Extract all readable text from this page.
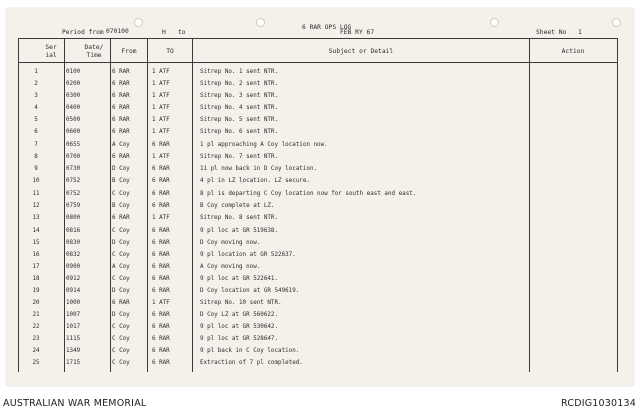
Period from 070100	H to
6 RAR OPS LOG
FEB RY 67	Sheet No 1
Ser ial
Date/ Time
From	TO	Subject or Detail	Action
1	0100	6 RAR	1 ATF	Sitrep No. 1 sent NTR.
2	0200	6 RAR	1 ATF	Sitrep No. 2 sent NTR.
3	0300	6 RAR	1 ATF	Sitrep No. 3 sent NTR.
4	0400	6 RAR	1 ATF	Sitrep No. 4 sent NTR.
5	0500	6 RAR	1 ATF	Sitrep No. 5 sent NTR.
6	0600	6 RAR	1 ATF	Sitrep No. 6 sent NTR.
7	0655	A Coy	6 RAR	1 pl approaching A Coy location now.
8	0700	6 RAR	1 ATF	Sitrep No. 7 sent NTR.
9	0730	D Coy	6 RAR	11 pl now back in D Coy location.
10	0752	B Coy	6 RAR	4 pl in LZ location. LZ secure.
11	0752	C Coy	6 RAR	8 pl is departing C Coy location now for south east and east.
12	0759	B Coy	6 RAR	B Coy complete at LZ.
13	0800	6 RAR	1 ATF	Sitrep No. 8 sent NTR.
14	0816	C Coy	6 RAR	9 pl loc at GR 519638.
15	0830	D Coy	6 RAR	D Coy moving now.
16	0832	C Coy	6 RAR	9 pl location at GR 522637.
17	0900	A Coy	6 RAR	A Coy moving now.
18	0912	C Coy	6 RAR	9 pl loc at GR 522641.
19	0914	D Coy	6 RAR	D Coy location at GR 549619.
20	1000	6 RAR	1 ATF	Sitrep No. 10 sent NTR.
21	1007	D Coy	6 RAR	D Coy LZ at GR 560622.
22	1017	C Coy	6 RAR	9 pl loc at GR 530642.
23	1115	C Coy	6 RAR	9 pl loc at GR 528647.
24	1349	C Coy	6 RAR	9 pl back in C Coy location.
25	1715	C Coy	6 RAR	Extraction of 7 pl completed.
AUSTRALIAN WAR MEMORIAL	RCDIG1030134
